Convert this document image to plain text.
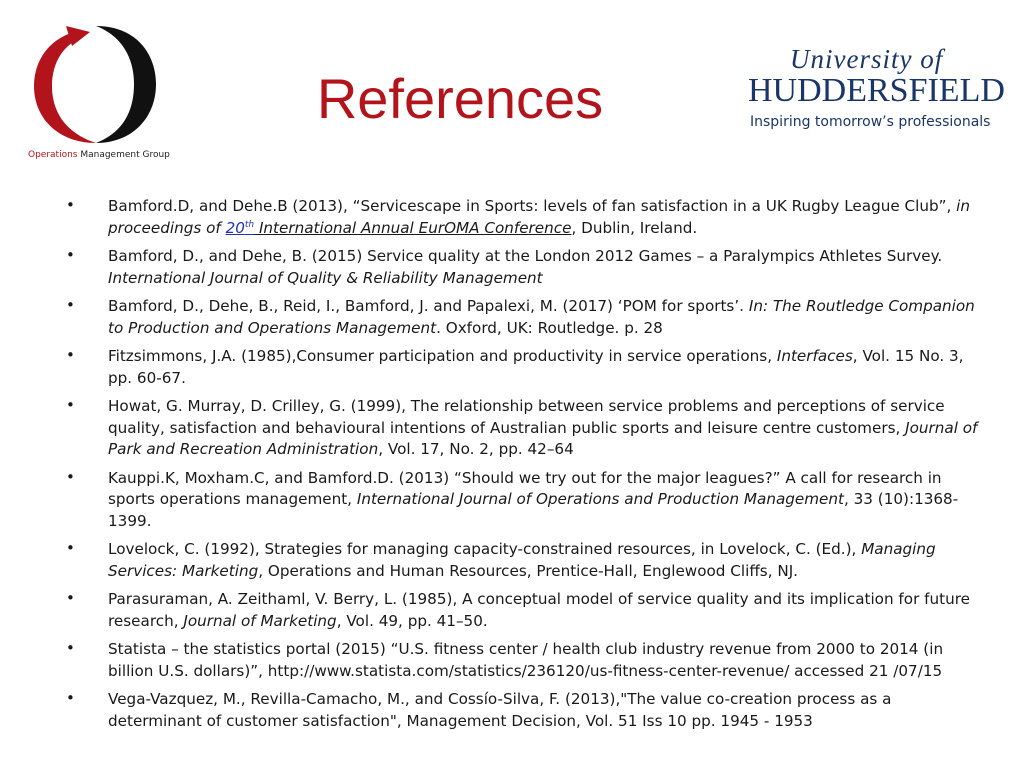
Operations Management Group
References
University of
HUDDERSFIELD
Inspiring tomorrow’s professionals
• Bamford.D, and Dehe.B (2013), “Servicescape in Sports: levels of fan satisfaction in a UK Rugby League Club”, in proceedings of 20th International Annual EurOMA Conference, Dublin, Ireland.
• Bamford, D., and Dehe, B. (2015) Service quality at the London 2012 Games – a Paralympics Athletes Survey. International Journal of Quality & Reliability Management
• Bamford, D., Dehe, B., Reid, I., Bamford, J. and Papalexi, M. (2017) ‘POM for sports’. In: The Routledge Companion to Production and Operations Management. Oxford, UK: Routledge. p. 28
• Fitzsimmons, J.A. (1985),Consumer participation and productivity in service operations, Interfaces, Vol. 15 No. 3, pp. 60-67.
• Howat, G. Murray, D. Crilley, G. (1999), The relationship between service problems and perceptions of service quality, satisfaction and behavioural intentions of Australian public sports and leisure centre customers, Journal of Park and Recreation Administration, Vol. 17, No. 2, pp. 42–64
• Kauppi.K, Moxham.C, and Bamford.D. (2013) “Should we try out for the major leagues?” A call for research in sports operations management, International Journal of Operations and Production Management, 33 (10):1368-1399.
• Lovelock, C. (1992), Strategies for managing capacity-constrained resources, in Lovelock, C. (Ed.), Managing Services: Marketing, Operations and Human Resources, Prentice-Hall, Englewood Cliffs, NJ.
• Parasuraman, A. Zeithaml, V. Berry, L. (1985), A conceptual model of service quality and its implication for future research, Journal of Marketing, Vol. 49, pp. 41–50.
• Statista – the statistics portal (2015) “U.S. fitness center / health club industry revenue from 2000 to 2014 (in billion U.S. dollars)”, http://www.statista.com/statistics/236120/us-fitness-center-revenue/ accessed 21 /07/15
• Vega-Vazquez, M., Revilla-Camacho, M., and Cossío-Silva, F. (2013),"The value co-creation process as a determinant of customer satisfaction", Management Decision, Vol. 51 Iss 10 pp. 1945 - 1953
